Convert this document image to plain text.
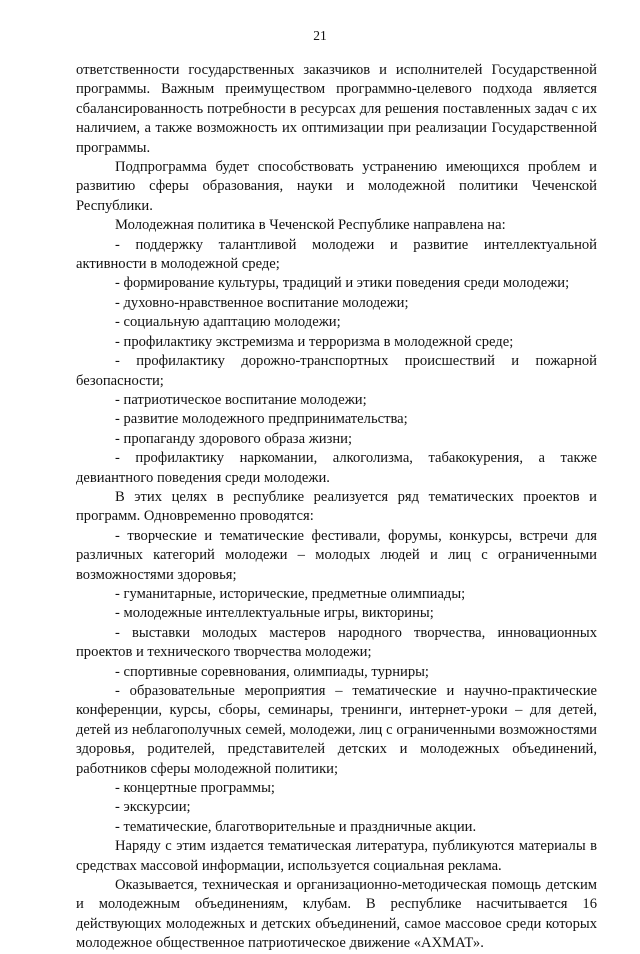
21

ответственности государственных заказчиков и исполнителей Государственной программы. Важным преимуществом программно-целевого подхода является сбалансированность потребности в ресурсах для решения поставленных задач с их наличием, а также возможность их оптимизации при реализации Государственной программы.

Подпрограмма будет способствовать устранению имеющихся проблем и развитию сферы образования, науки и молодежной политики Чеченской Республики.

Молодежная политика в Чеченской Республике направлена на:

- поддержку талантливой молодежи и развитие интеллектуальной активности в молодежной среде;

- формирование культуры, традиций и этики поведения среди молодежи;

- духовно-нравственное воспитание молодежи;

- социальную адаптацию молодежи;

- профилактику экстремизма и терроризма в молодежной среде;

- профилактику дорожно-транспортных происшествий и пожарной безопасности;

- патриотическое воспитание молодежи;

- развитие молодежного предпринимательства;

- пропаганду здорового образа жизни;

- профилактику наркомании, алкоголизма, табакокурения, а также девиантного поведения среди молодежи.

В этих целях в республике реализуется ряд тематических проектов и программ. Одновременно проводятся:

- творческие и тематические фестивали, форумы, конкурсы, встречи для различных категорий молодежи – молодых людей и лиц с ограниченными возможностями здоровья;

- гуманитарные, исторические, предметные олимпиады;

- молодежные интеллектуальные игры, викторины;

- выставки молодых мастеров народного творчества, инновационных проектов и технического творчества молодежи;

- спортивные соревнования, олимпиады, турниры;

- образовательные мероприятия – тематические и научно-практические конференции, курсы, сборы, семинары, тренинги, интернет-уроки – для детей, детей из неблагополучных семей, молодежи, лиц с ограниченными возможностями здоровья, родителей, представителей детских и молодежных объединений, работников сферы молодежной политики;

- концертные программы;

- экскурсии;

- тематические, благотворительные и праздничные акции.

Наряду с этим издается тематическая литература, публикуются материалы в средствах массовой информации, используется социальная реклама.

Оказывается, техническая и организационно-методическая помощь детским и молодежным объединениям, клубам. В республике насчитывается 16 действующих молодежных и детских объединений, самое массовое среди которых молодежное общественное патриотическое движение «АХМАТ».
